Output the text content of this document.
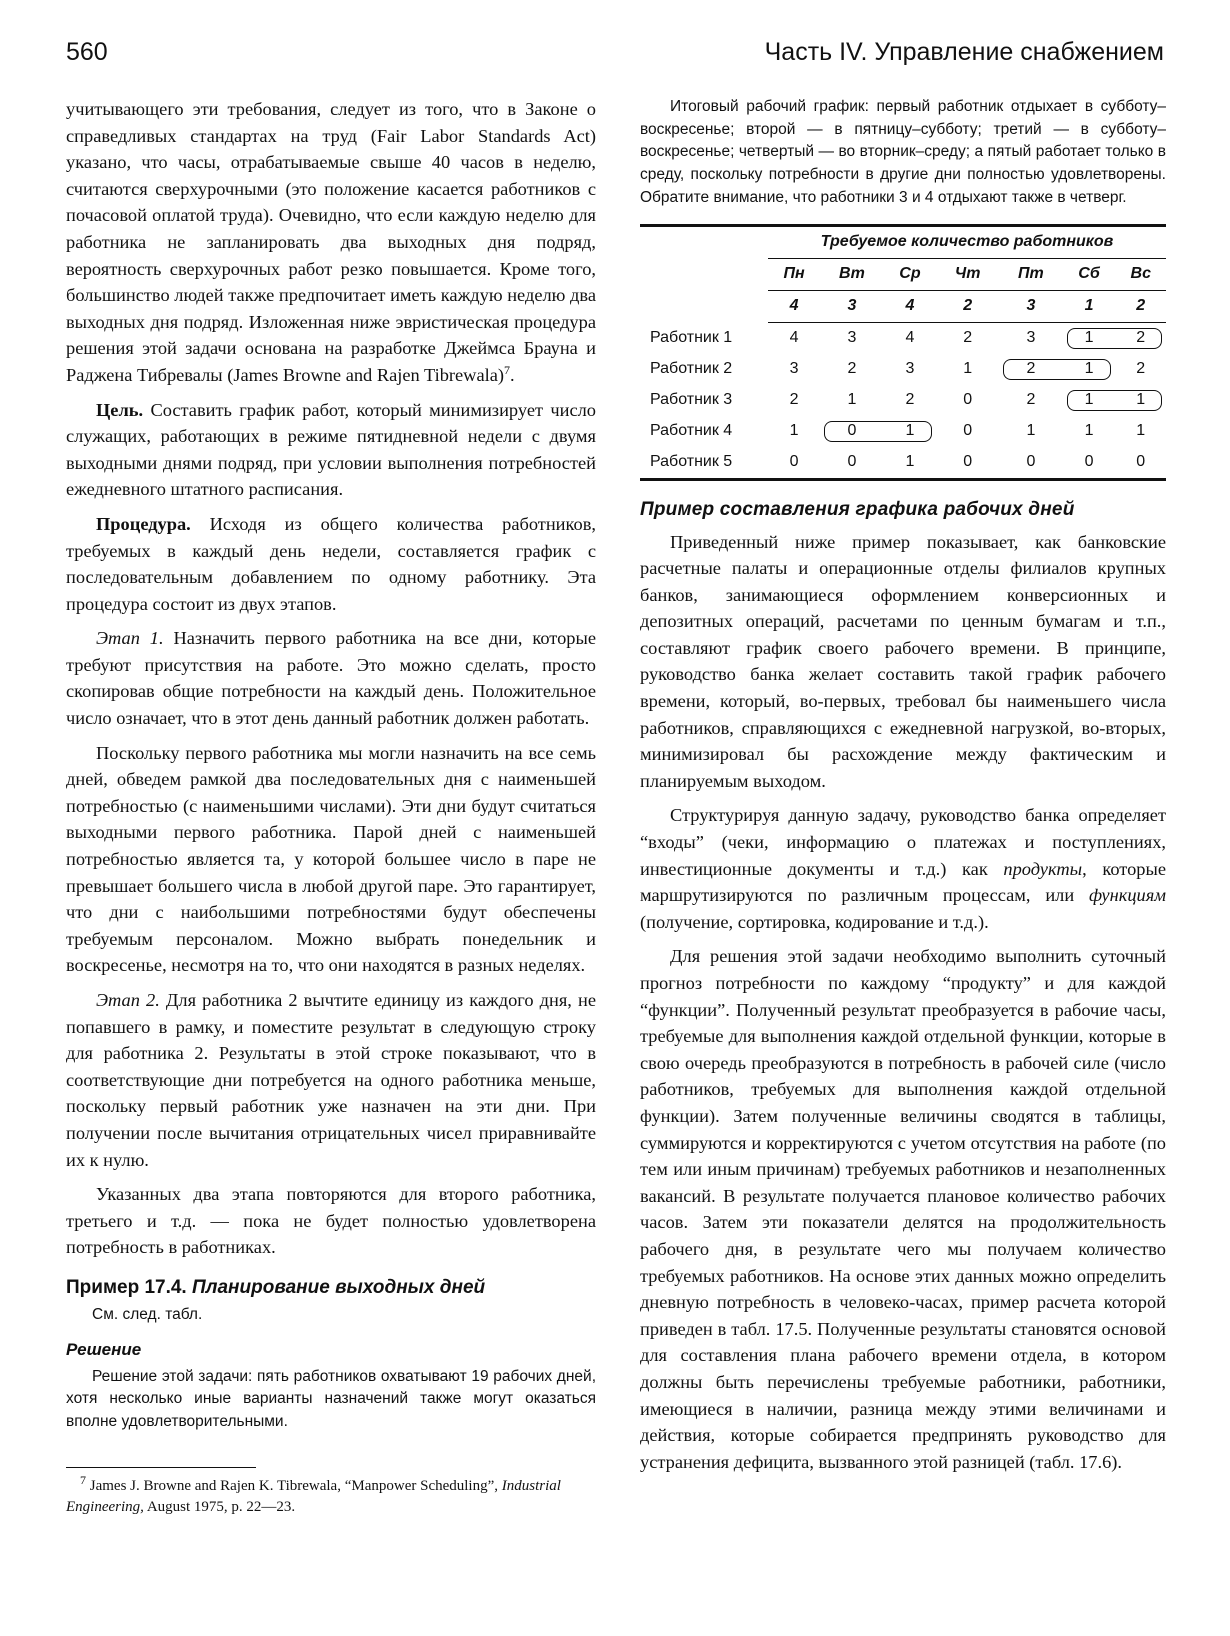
560	Часть IV. Управление снабжением

учитывающего эти требования, следует из того, что в Законе о справедливых стандартах на труд (Fair Labor Standards Act) указано, что часы, отрабатываемые свыше 40 часов в неделю, считаются сверхурочными (это положение касается работников с почасовой оплатой труда). Очевидно, что если каждую неделю для работника не запланировать два выходных дня подряд, вероятность сверхурочных работ резко повышается. Кроме того, большинство людей также предпочитает иметь каждую неделю два выходных дня подряд. Изложенная ниже эвристическая процедура решения этой задачи основана на разработке Джеймса Брауна и Раджена Тибревалы (James Browne and Rajen Tibrewala)$^7$.

Цель. Составить график работ, который минимизирует число служащих, работающих в режиме пятидневной недели с двумя выходными днями подряд, при условии выполнения потребностей ежедневного штатного расписания.

Процедура. Исходя из общего количества работников, требуемых в каждый день недели, составляется график с последовательным добавлением по одному работнику. Эта процедура состоит из двух этапов.

Этап 1. Назначить первого работника на все дни, которые требуют присутствия на работе. Это можно сделать, просто скопировав общие потребности на каждый день. Положительное число означает, что в этот день данный работник должен работать.

Поскольку первого работника мы могли назначить на все семь дней, обведем рамкой два последовательных дня с наименьшей потребностью (с наименьшими числами). Эти дни будут считаться выходными первого работника. Парой дней с наименьшей потребностью является та, у которой большее число в паре не превышает большего числа в любой другой паре. Это гарантирует, что дни с наибольшими потребностями будут обеспечены требуемым персоналом. Можно выбрать понедельник и воскресенье, несмотря на то, что они находятся в разных неделях.

Этап 2. Для работника 2 вычтите единицу из каждого дня, не попавшего в рамку, и поместите результат в следующую строку для работника 2. Результаты в этой строке показывают, что в соответствующие дни потребуется на одного работника меньше, поскольку первый работник уже назначен на эти дни. При получении после вычитания отрицательных чисел приравнивайте их к нулю.

Указанных два этапа повторяются для второго работника, третьего и т.д. — пока не будет полностью удовлетворена потребность в работниках.

Пример 17.4. Планирование выходных дней
См. след. табл.
Решение

Решение этой задачи: пять работников охватывают 19 рабочих дней, хотя несколько иные варианты назначений также могут оказаться вполне удовлетворительными.

$^7$ James J. Browne and Rajen K. Tibrewala, “Manpower Scheduling”, Industrial Engineering, August 1975, p. 22—23.

Итоговый рабочий график: первый работник отдыхает в субботу–воскресенье; второй — в пятницу–субботу; третий — в субботу–воскресенье; четвертый — во вторник–среду; а пятый работает только в среду, поскольку потребности в другие дни полностью удовлетворены. Обратите внимание, что работники 3 и 4 отдыхают также в четверг.

	Требуемое количество работников						
	Пн	Вт	Ср	Чт	Пт	Сб	Вс
	4	3	4	2	3	1	2
Работник 1	4	3	4	2	3	1	2
Работник 2	3	2	3	1	2	1	2
Работник 3	2	1	2	0	2	1	1
Работник 4	1	0	1	0	1	1	1
Работник 5	0	0	1	0	0	0	0
Пример составления графика рабочих дней

Приведенный ниже пример показывает, как банковские расчетные палаты и операционные отделы филиалов крупных банков, занимающиеся оформлением конверсионных и депозитных операций, расчетами по ценным бумагам и т.п., составляют график своего рабочего времени. В принципе, руководство банка желает составить такой график рабочего времени, который, во-первых, требовал бы наименьшего числа работников, справляющихся с ежедневной нагрузкой, во-вторых, минимизировал бы расхождение между фактическим и планируемым выходом.

Структурируя данную задачу, руководство банка определяет “входы” (чеки, информацию о платежах и поступлениях, инвестиционные документы и т.д.) как продукты, которые маршрутизируются по различным процессам, или функциям (получение, сортировка, кодирование и т.д.).

Для решения этой задачи необходимо выполнить суточный прогноз потребности по каждому “продукту” и для каждой “функции”. Полученный результат преобразуется в рабочие часы, требуемые для выполнения каждой отдельной функции, которые в свою очередь преобразуются в потребность в рабочей силе (число работников, требуемых для выполнения каждой отдельной функции). Затем полученные величины сводятся в таблицы, суммируются и корректируются с учетом отсутствия на работе (по тем или иным причинам) требуемых работников и незаполненных вакансий. В результате получается плановое количество рабочих часов. Затем эти показатели делятся на продолжительность рабочего дня, в результате чего мы получаем количество требуемых работников. На основе этих данных можно определить дневную потребность в человеко-часах, пример расчета которой приведен в табл. 17.5. Полученные результаты становятся основой для составления плана рабочего времени отдела, в котором должны быть перечислены требуемые работники, работники, имеющиеся в наличии, разница между этими величинами и действия, которые собирается предпринять руководство для устранения дефицита, вызванного этой разницей (табл. 17.6).
